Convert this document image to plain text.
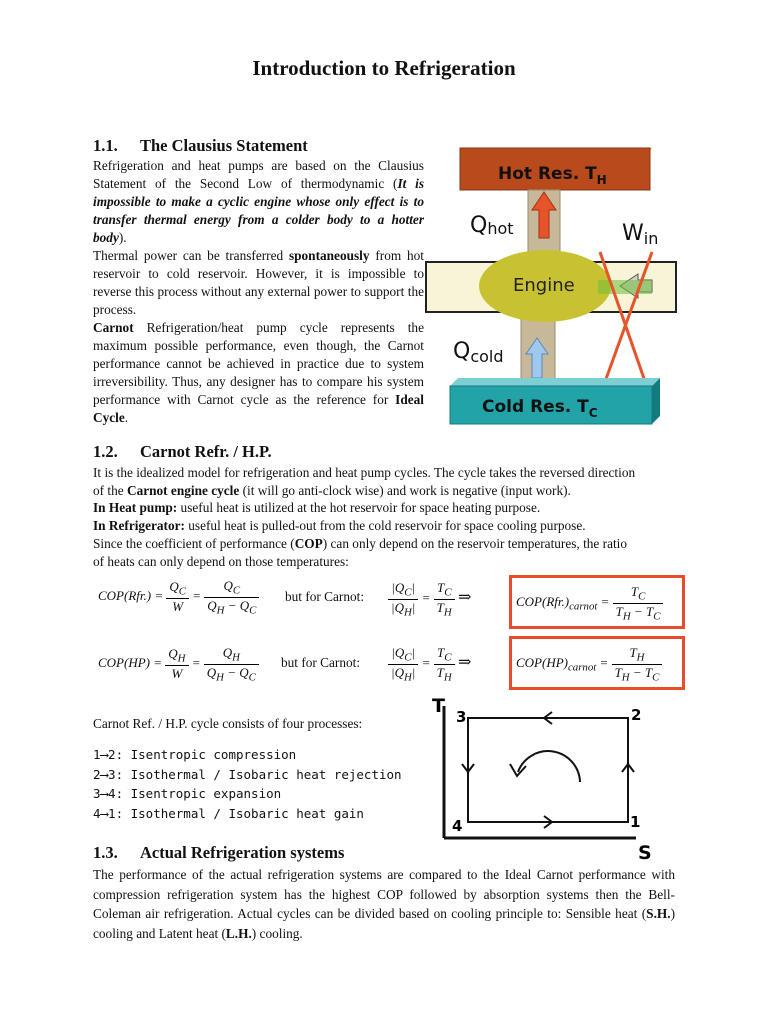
Introduction to Refrigeration
1.1. The Clausius Statement
Refrigeration and heat pumps are based on the Clausius Statement of the Second Low of thermodynamic (It is impossible to make a cyclic engine whose only effect is to transfer thermal energy from a colder body to a hotter body).
Thermal power can be transferred spontaneously from hot reservoir to cold reservoir. However, it is impossible to reverse this process without any external power to support the process.
Carnot Refrigeration/heat pump cycle represents the maximum possible performance, even though, the Carnot performance cannot be achieved in practice due to system irreversibility. Thus, any designer has to compare his system performance with Carnot cycle as the reference for Ideal Cycle.
Hot Res. $T_H$
Engine
Qhot	Win
Qcold
Cold Res. $T_C$
1.2. Carnot Refr. / H.P.
It is the idealized model for refrigeration and heat pump cycles. The cycle takes the reversed direction
of the Carnot engine cycle (it will go anti-clock wise) and work is negative (input work).
In Heat pump: useful heat is utilized at the hot reservoir for space heating purpose.
In Refrigerator: useful heat is pulled-out from the cold reservoir for space cooling purpose.
Since the coefficient of performance (COP) can only depend on the reservoir temperatures, the ratio
of heats can only depend on those temperatures:
$COP(Rfr.) = \frac{Q_C}{W} = \frac{Q_C}{Q_H - Q_C}$ but for Carnot: $\frac{|Q_C|}{|Q_H|} = \frac{T_C}{T_H}$ ⇒	$COP(Rfr.)_{carnot} = \frac{T_C}{T_H - T_C}$
$COP(HP) = \frac{Q_H}{W} = \frac{Q_H}{Q_H - Q_C}$ but for Carnot: $\frac{|Q_C|}{|Q_H|} = \frac{T_C}{T_H}$ ⇒	$COP(HP)_{carnot} = \frac{T_H}{T_H - T_C}$
Carnot Ref. / H.P. cycle consists of four processes:
1⟶2: Isentropic compression
2⟶3: Isothermal / Isobaric heat rejection
3⟶4: Isentropic expansion
4⟶1: Isothermal / Isobaric heat gain
T
S
3	2
4	1
1.3. Actual Refrigeration systems
The performance of the actual refrigeration systems are compared to the Ideal Carnot performance with compression refrigeration system has the highest COP followed by absorption systems then the Bell-Coleman air refrigeration. Actual cycles can be divided based on cooling principle to: Sensible heat (S.H.) cooling and Latent heat (L.H.) cooling.
